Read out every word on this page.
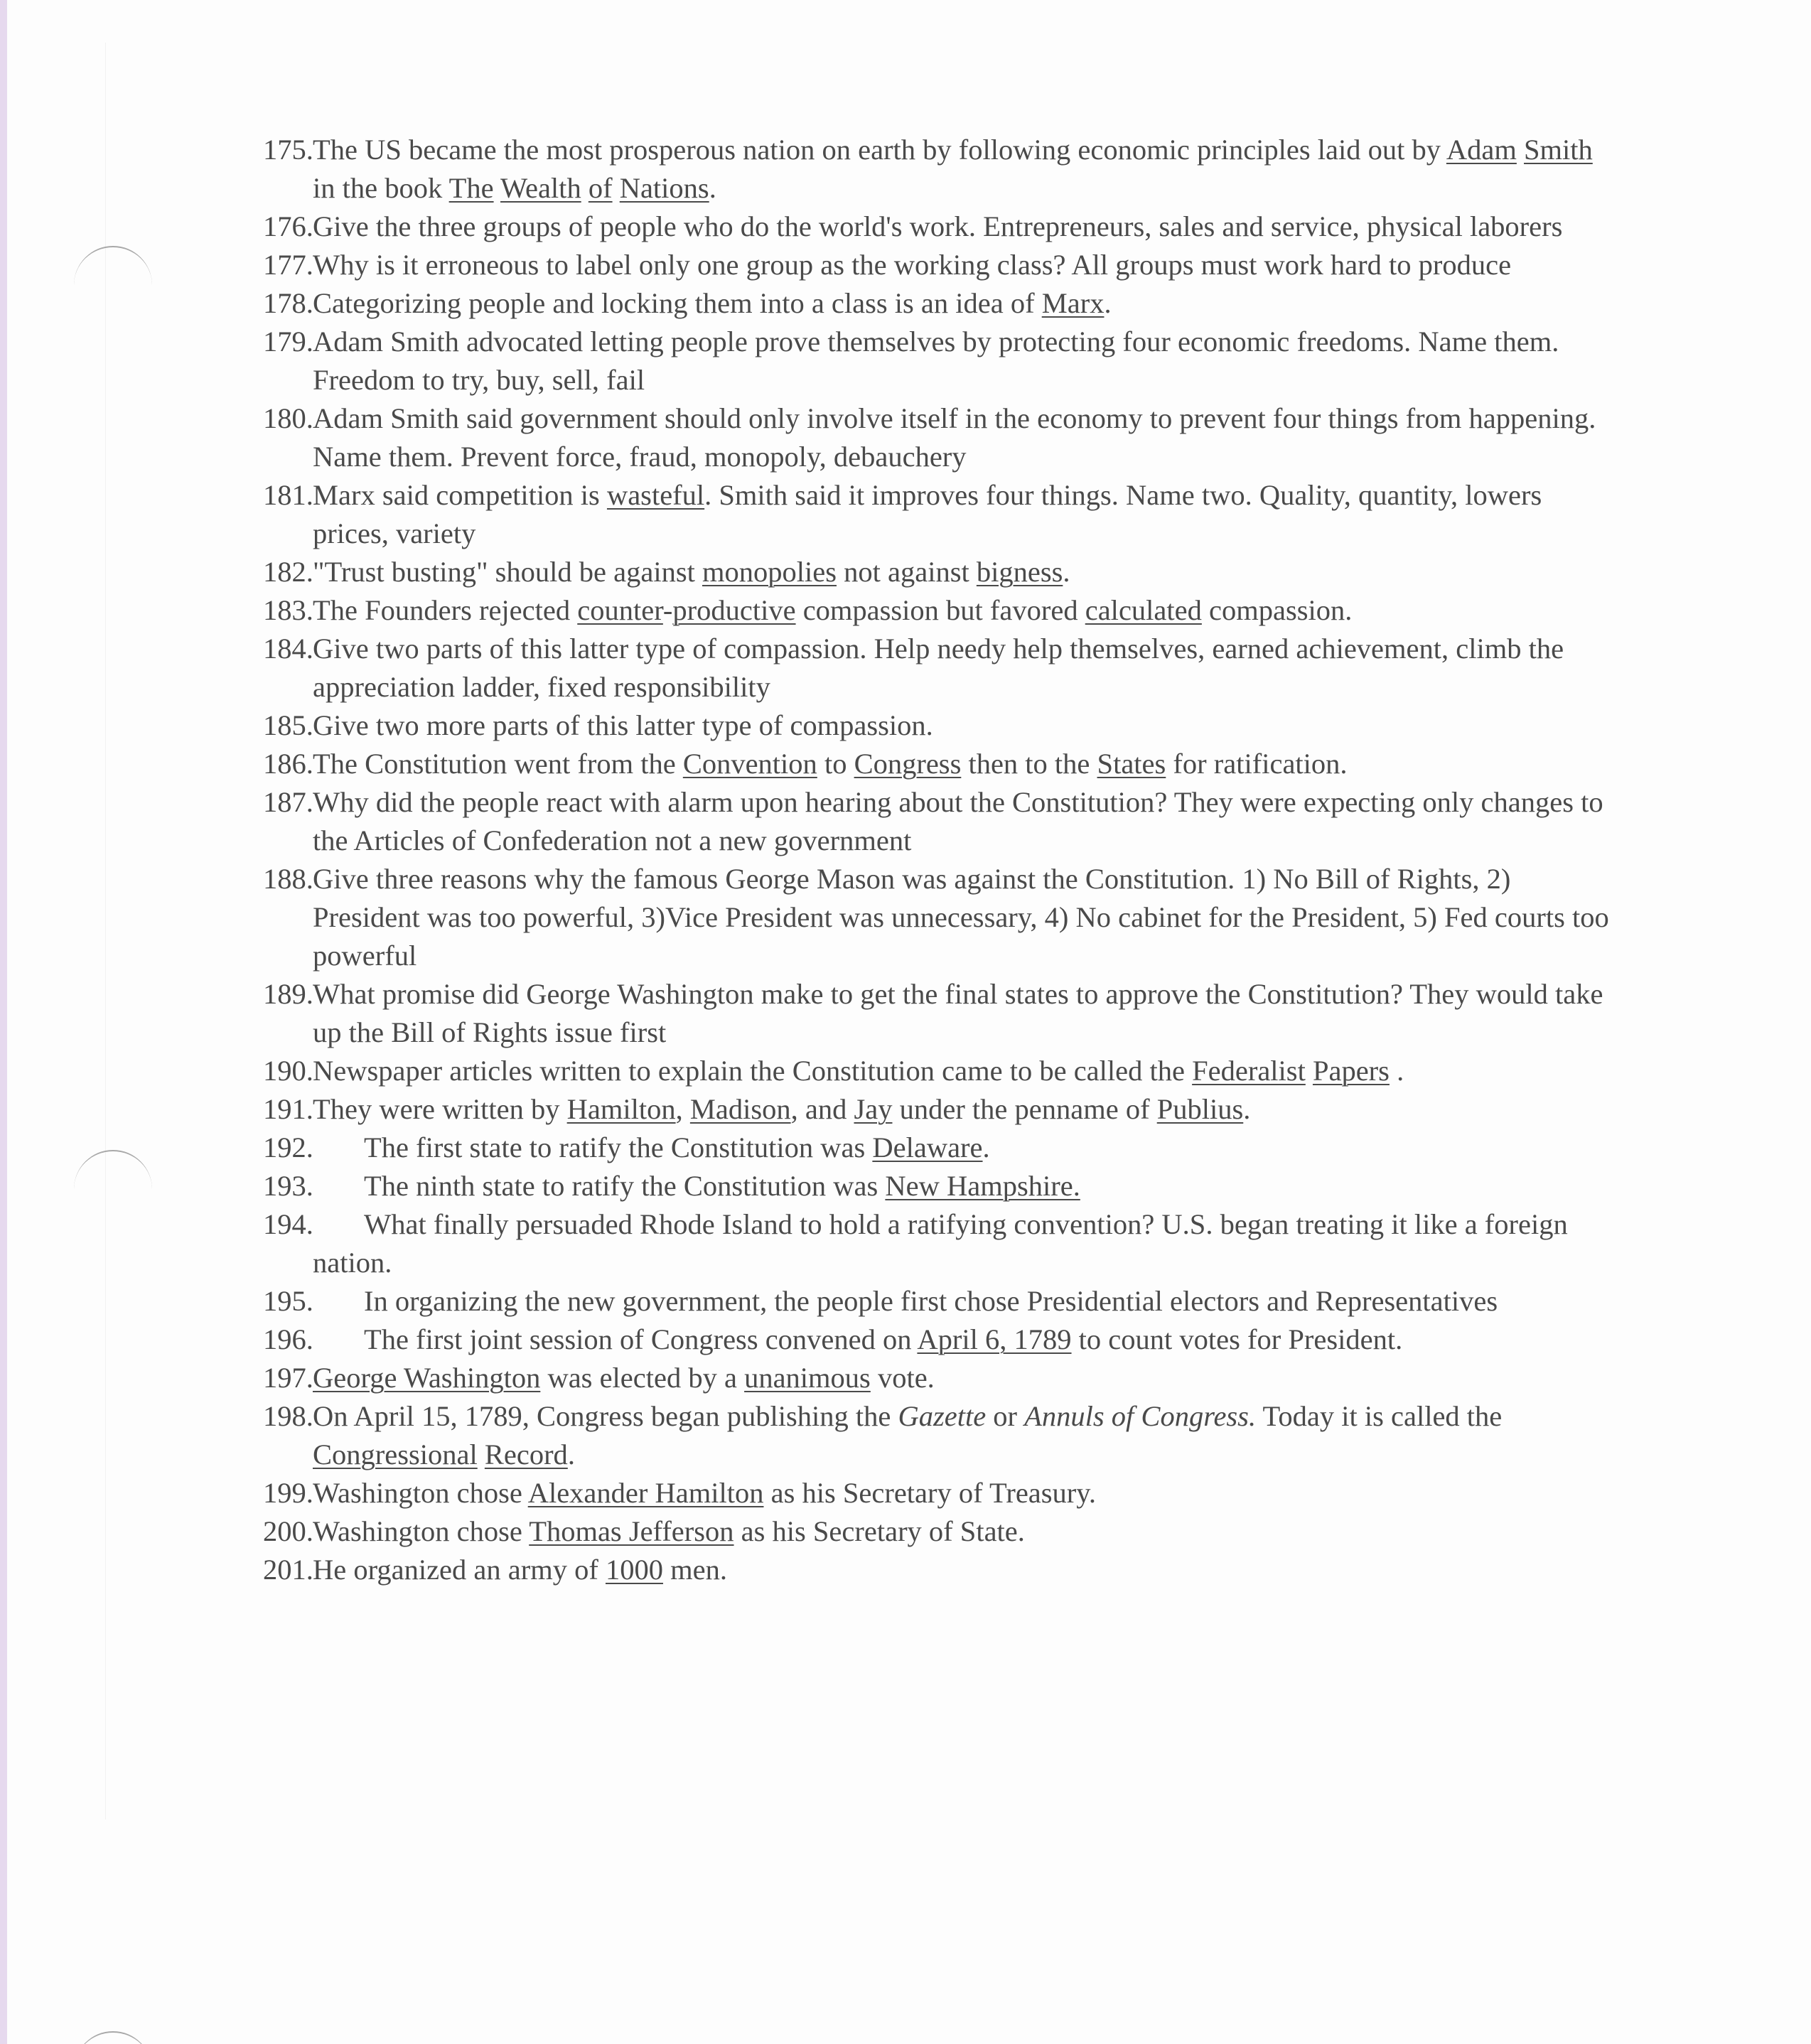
175. The US became the most prosperous nation on earth by following economic principles laid out by Adam Smith in the book The Wealth of Nations.
176. Give the three groups of people who do the world's work. Entrepreneurs, sales and service, physical laborers
177. Why is it erroneous to label only one group as the working class? All groups must work hard to produce
178. Categorizing people and locking them into a class is an idea of Marx.
179. Adam Smith advocated letting people prove themselves by protecting four economic freedoms. Name them. Freedom to try, buy, sell, fail
180. Adam Smith said government should only involve itself in the economy to prevent four things from happening. Name them. Prevent force, fraud, monopoly, debauchery
181. Marx said competition is wasteful. Smith said it improves four things. Name two. Quality, quantity, lowers prices, variety
182. "Trust busting" should be against monopolies not against bigness.
183. The Founders rejected counter-productive compassion but favored calculated compassion.
184. Give two parts of this latter type of compassion. Help needy help themselves, earned achievement, climb the appreciation ladder, fixed responsibility
185. Give two more parts of this latter type of compassion.
186. The Constitution went from the Convention to Congress then to the States for ratification.
187. Why did the people react with alarm upon hearing about the Constitution? They were expecting only changes to the Articles of Confederation not a new government
188. Give three reasons why the famous George Mason was against the Constitution. 1) No Bill of Rights, 2) President was too powerful, 3)Vice President was unnecessary, 4) No cabinet for the President, 5) Fed courts too powerful
189. What promise did George Washington make to get the final states to approve the Constitution? They would take up the Bill of Rights issue first
190. Newspaper articles written to explain the Constitution came to be called the Federalist Papers .
191. They were written by Hamilton, Madison, and Jay under the penname of Publius.
192.	The first state to ratify the Constitution was Delaware.
193.	The ninth state to ratify the Constitution was New Hampshire.
194.	What finally persuaded Rhode Island to hold a ratifying convention? U.S. began treating it like a foreign nation.
195.	In organizing the new government, the people first chose Presidential electors and Representatives
196.	The first joint session of Congress convened on April 6, 1789 to count votes for President.
197. George Washington was elected by a unanimous vote.
198. On April 15, 1789, Congress began publishing the Gazette or Annuls of Congress. Today it is called the Congressional Record.
199. Washington chose Alexander Hamilton as his Secretary of Treasury.
200. Washington chose Thomas Jefferson as his Secretary of State.
201. He organized an army of 1000 men.
